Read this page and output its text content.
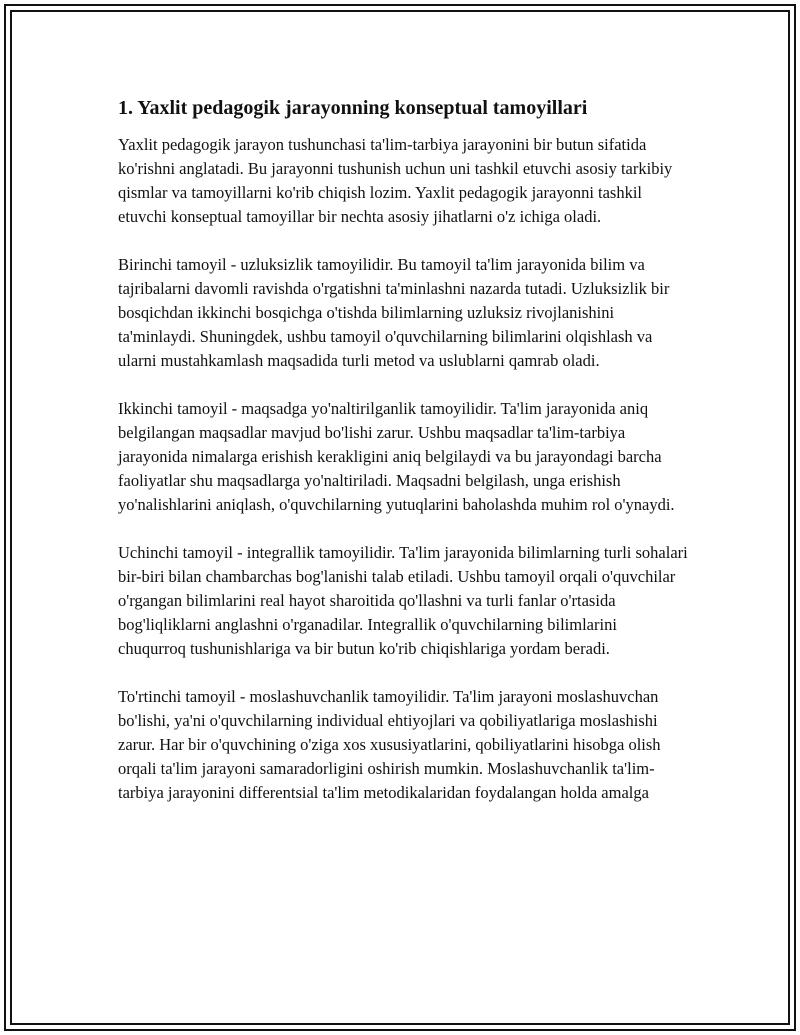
1. Yaxlit pedagogik jarayonning konseptual tamoyillari

Yaxlit pedagogik jarayon tushunchasi ta'lim-tarbiya jarayonini bir butun sifatida ko'rishni anglatadi. Bu jarayonni tushunish uchun uni tashkil etuvchi asosiy tarkibiy qismlar va tamoyillarni ko'rib chiqish lozim. Yaxlit pedagogik jarayonni tashkil etuvchi konseptual tamoyillar bir nechta asosiy jihatlarni o'z ichiga oladi.

Birinchi tamoyil - uzluksizlik tamoyilidir. Bu tamoyil ta'lim jarayonida bilim va tajribalarni davomli ravishda o'rgatishni ta'minlashni nazarda tutadi. Uzluksizlik bir bosqichdan ikkinchi bosqichga o'tishda bilimlarning uzluksiz rivojlanishini ta'minlaydi. Shuningdek, ushbu tamoyil o'quvchilarning bilimlarini olqishlash va ularni mustahkamlash maqsadida turli metod va uslublarni qamrab oladi.

Ikkinchi tamoyil - maqsadga yo'naltirilganlik tamoyilidir. Ta'lim jarayonida aniq belgilangan maqsadlar mavjud bo'lishi zarur. Ushbu maqsadlar ta'lim-tarbiya jarayonida nimalarga erishish kerakligini aniq belgilaydi va bu jarayondagi barcha faoliyatlar shu maqsadlarga yo'naltiriladi. Maqsadni belgilash, unga erishish yo'nalishlarini aniqlash, o'quvchilarning yutuqlarini baholashda muhim rol o'ynaydi.

Uchinchi tamoyil - integrallik tamoyilidir. Ta'lim jarayonida bilimlarning turli sohalari bir-biri bilan chambarchas bog'lanishi talab etiladi. Ushbu tamoyil orqali o'quvchilar o'rgangan bilimlarini real hayot sharoitida qo'llashni va turli fanlar o'rtasida bog'liqliklarni anglashni o'rganadilar. Integrallik o'quvchilarning bilimlarini chuqurroq tushunishlariga va bir butun ko'rib chiqishlariga yordam beradi.

To'rtinchi tamoyil - moslashuvchanlik tamoyilidir. Ta'lim jarayoni moslashuvchan bo'lishi, ya'ni o'quvchilarning individual ehtiyojlari va qobiliyatlariga moslashishi zarur. Har bir o'quvchining o'ziga xos xususiyatlarini, qobiliyatlarini hisobga olish orqali ta'lim jarayoni samaradorligini oshirish mumkin. Moslashuvchanlik ta'lim-tarbiya jarayonini differentsial ta'lim metodikalaridan foydalangan holda amalga
